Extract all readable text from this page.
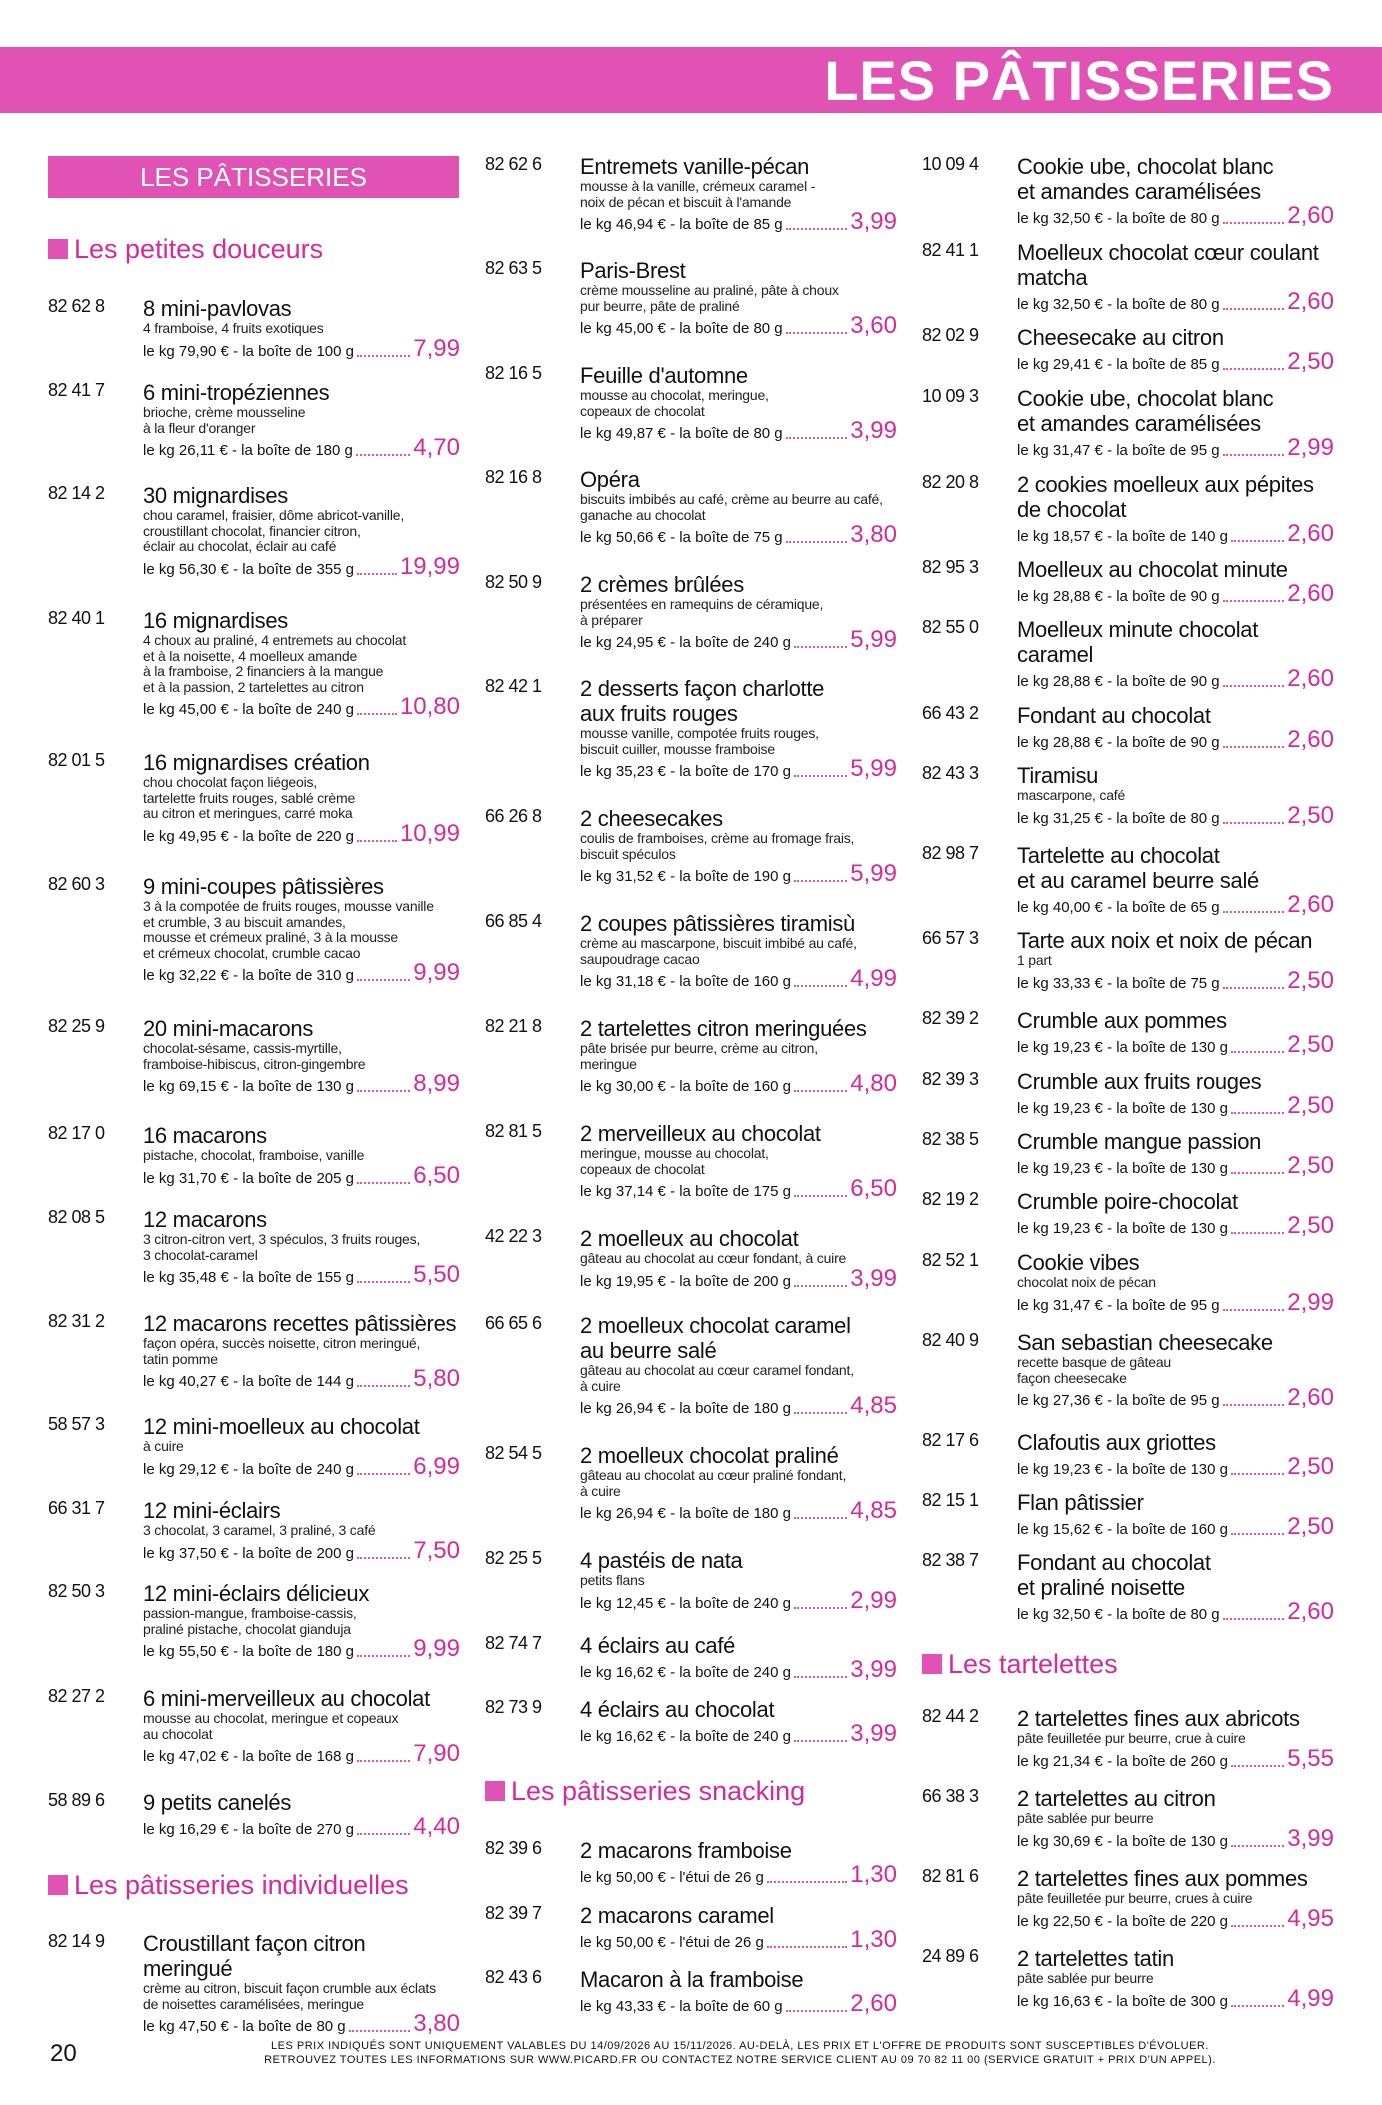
LES PÂTISSERIES
LES PÂTISSERIES INDIVIDUELLES
Les petites douceurs
82 62 8 8 mini-pavlovas
4 framboise, 4 fruits exotiques
le kg 79,90 € - la boîte de 100 g 7,99
82 41 7 6 mini-tropéziennes
brioche, crème mousseline
à la fleur d'oranger
le kg 26,11 € - la boîte de 180 g	4,70
82 14 2 30 mignardises
chou caramel, fraisier, dôme abricot-vanille,
croustillant chocolat, financier citron,
éclair au chocolat, éclair au café
le kg 56,30 € - la boîte de 355 g 19,99
82 40 1 16 mignardises
4 choux au praliné, 4 entremets au chocolat
et à la noisette, 4 moelleux amande
à la framboise, 2 financiers à la mangue
et à la passion, 2 tartelettes au citron
le kg 45,00 € - la boîte de 240 g 10,80
82 01 5 16 mignardises création
chou chocolat façon liégeois,
tartelette fruits rouges, sablé crème
au citron et meringues, carré moka
le kg 49,95 € - la boîte de 220 g 10,99
82 60 3 9 mini-coupes pâtissières
3 à la compotée de fruits rouges, mousse vanille
et crumble, 3 au biscuit amandes,
mousse et crémeux praliné, 3 à la mousse
et crémeux chocolat, crumble cacao
le kg 32,22 € - la boîte de 310 g 9,99
82 25 9 20 mini-macarons
chocolat-sésame, cassis-myrtille,
framboise-hibiscus, citron-gingembre
le kg 69,15 € - la boîte de 130 g 8,99
82 17 0 16 macarons
pistache, chocolat, framboise, vanille
le kg 31,70 € - la boîte de 205 g 6,50
82 08 5 12 macarons
3 citron-citron vert, 3 spéculos, 3 fruits rouges,
3 chocolat-caramel
le kg 35,48 € - la boîte de 155 g 5,50
82 31 2 12 macarons recettes pâtissières
façon opéra, succès noisette, citron meringué,
tatin pomme
le kg 40,27 € - la boîte de 144 g 5,80
58 57 3 12 mini-moelleux au chocolat
à cuire
le kg 29,12 € - la boîte de 240 g 6,99
66 31 7 12 mini-éclairs
3 chocolat, 3 caramel, 3 praliné, 3 café
le kg 37,50 € - la boîte de 200 g 7,50
82 50 3 12 mini-éclairs délicieux
passion-mangue, framboise-cassis,
praliné pistache, chocolat gianduja
le kg 55,50 € - la boîte de 180 g 9,99
82 27 2 6 mini-merveilleux au chocolat
mousse au chocolat, meringue et copeaux
au chocolat
le kg 47,02 € - la boîte de 168 g 7,90
58 89 6 9 petits canelés
le kg 16,29 € - la boîte de 270 g 4,40
Les pâtisseries individuelles
82 14 9 Croustillant façon citron meringué
crème au citron, biscuit façon crumble aux éclats
de noisettes caramélisées, meringue
le kg 47,50 € - la boîte de 80 g	3,80
82 62 6 Entremets vanille-pécan
mousse à la vanille, crémeux caramel -
noix de pécan et biscuit à l'amande
le kg 46,94 € - la boîte de 85 g	3,99
82 63 5 Paris-Brest
crème mousseline au praliné, pâte à choux
pur beurre, pâte de praliné
le kg 45,00 € - la boîte de 80 g	3,60
82 16 5 Feuille d'automne
mousse au chocolat, meringue,
copeaux de chocolat
le kg 49,87 € - la boîte de 80 g	3,99
82 16 8 Opéra
biscuits imbibés au café, crème au beurre au café,
ganache au chocolat
le kg 50,66 € - la boîte de 75 g	3,80
82 50 9 2 crèmes brûlées
présentées en ramequins de céramique,
à préparer
le kg 24,95 € - la boîte de 240 g 5,99
82 42 1 2 desserts façon charlotte
aux fruits rouges
mousse vanille, compotée fruits rouges,
biscuit cuiller, mousse framboise
le kg 35,23 € - la boîte de 170 g 5,99
66 26 8 2 cheesecakes
coulis de framboises, crème au fromage frais,
biscuit spéculos
le kg 31,52 € - la boîte de 190 g 5,99
66 85 4 2 coupes pâtissières tiramisù
crème au mascarpone, biscuit imbibé au café,
saupoudrage cacao
le kg 31,18 € - la boîte de 160 g 4,99
82 21 8 2 tartelettes citron meringuées
pâte brisée pur beurre, crème au citron,
meringue
le kg 30,00 € - la boîte de 160 g 4,80
82 81 5 2 merveilleux au chocolat
meringue, mousse au chocolat,
copeaux de chocolat
le kg 37,14 € - la boîte de 175 g 6,50
42 22 3 2 moelleux au chocolat
gâteau au chocolat au cœur fondant, à cuire
le kg 19,95 € - la boîte de 200 g 3,99
66 65 6 2 moelleux chocolat caramel
au beurre salé
gâteau au chocolat au cœur caramel fondant,
à cuire
le kg 26,94 € - la boîte de 180 g 4,85
82 54 5 2 moelleux chocolat praliné
gâteau au chocolat au cœur praliné fondant,
à cuire
le kg 26,94 € - la boîte de 180 g 4,85
82 25 5 4 pastéis de nata
petits flans
le kg 12,45 € - la boîte de 240 g 2,99
82 74 7 4 éclairs au café
le kg 16,62 € - la boîte de 240 g 3,99
82 73 9 4 éclairs au chocolat
le kg 16,62 € - la boîte de 240 g 3,99
Les pâtisseries snacking
82 39 6 2 macarons framboise
le kg 50,00 € - l'étui de 26 g	1,30
82 39 7 2 macarons caramel
le kg 50,00 € - l'étui de 26 g	1,30
82 43 6 Macaron à la framboise
le kg 43,33 € - la boîte de 60 g	2,60
10 09 4 Cookie ube, chocolat blanc
et amandes caramélisées
le kg 32,50 € - la boîte de 80 g	2,60
82 41 1 Moelleux chocolat cœur coulant
matcha
le kg 32,50 € - la boîte de 80 g	2,60
82 02 9 Cheesecake au citron
le kg 29,41 € - la boîte de 85 g	2,50
10 09 3 Cookie ube, chocolat blanc
et amandes caramélisées
le kg 31,47 € - la boîte de 95 g	2,99
82 20 8 2 cookies moelleux aux pépites
de chocolat
le kg 18,57 € - la boîte de 140 g 2,60
82 95 3 Moelleux au chocolat minute
le kg 28,88 € - la boîte de 90 g	2,60
82 55 0 Moelleux minute chocolat
caramel
le kg 28,88 € - la boîte de 90 g	2,60
66 43 2 Fondant au chocolat
le kg 28,88 € - la boîte de 90 g	2,60
82 43 3 Tiramisu
mascarpone, café
le kg 31,25 € - la boîte de 80 g	2,50
82 98 7 Tartelette au chocolat
et au caramel beurre salé
le kg 40,00 € - la boîte de 65 g	2,60
66 57 3 Tarte aux noix et noix de pécan
1 part
le kg 33,33 € - la boîte de 75 g	2,50
82 39 2 Crumble aux pommes
le kg 19,23 € - la boîte de 130 g 2,50
82 39 3 Crumble aux fruits rouges
le kg 19,23 € - la boîte de 130 g 2,50
82 38 5 Crumble mangue passion
le kg 19,23 € - la boîte de 130 g 2,50
82 19 2 Crumble poire-chocolat
le kg 19,23 € - la boîte de 130 g 2,50
82 52 1 Cookie vibes
chocolat noix de pécan
le kg 31,47 € - la boîte de 95 g	2,99
82 40 9 San sebastian cheesecake
recette basque de gâteau
façon cheesecake
le kg 27,36 € - la boîte de 95 g	2,60
82 17 6 Clafoutis aux griottes
le kg 19,23 € - la boîte de 130 g 2,50
82 15 1 Flan pâtissier
le kg 15,62 € - la boîte de 160 g 2,50
82 38 7 Fondant au chocolat
et praliné noisette
le kg 32,50 € - la boîte de 80 g	2,60
Les tartelettes
82 44 2 2 tartelettes fines aux abricots
pâte feuilletée pur beurre, crue à cuire
le kg 21,34 € - la boîte de 260 g 5,55
66 38 3 2 tartelettes au citron
pâte sablée pur beurre
le kg 30,69 € - la boîte de 130 g 3,99
82 81 6 2 tartelettes fines aux pommes
pâte feuilletée pur beurre, crues à cuire
le kg 22,50 € - la boîte de 220 g 4,95
24 89 6 2 tartelettes tatin
pâte sablée pur beurre
le kg 16,63 € - la boîte de 300 g 4,99
20	LES PRIX INDIQUÉS SONT UNIQUEMENT VALABLES DU 14/09/2026 AU 15/11/2026. AU-DELÀ, LES PRIX ET L'OFFRE DE PRODUITS SONT SUSCEPTIBLES D'ÉVOLUER.
RETROUVEZ TOUTES LES INFORMATIONS SUR WWW.PICARD.FR OU CONTACTEZ NOTRE SERVICE CLIENT AU 09 70 82 11 00 (SERVICE GRATUIT + PRIX D'UN APPEL).
